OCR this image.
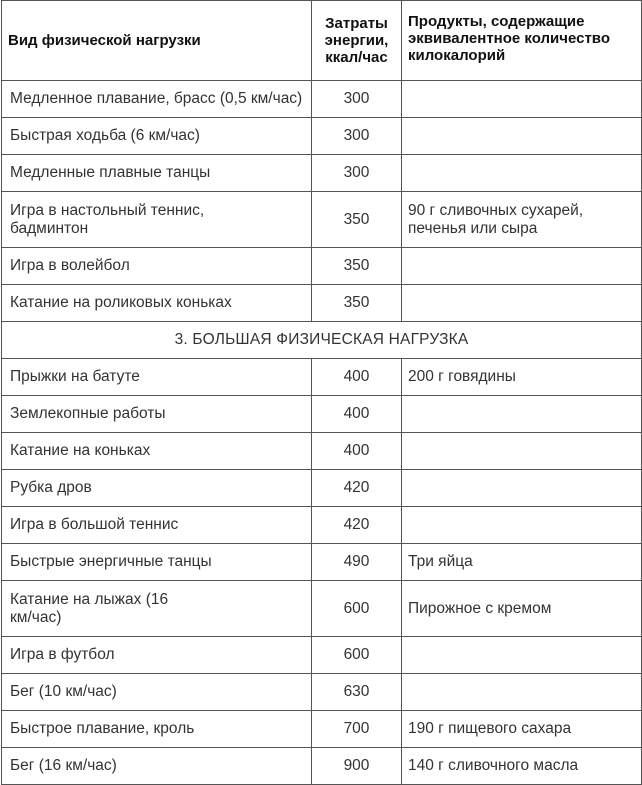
Вид физической нагрузки	Затраты энергии, ккал/час	Продукты, содержащие эквивалентное количество килокалорий
Медленное плавание, брасс (0,5 км/час)	300	
Быстрая ходьба (6 км/час)	300	
Медленные плавные танцы	300	
Игра в настольный теннис, бадминтон	350	90 г сливочных сухарей, печенья или сыра
Игра в волейбол	350	
Катание на роликовых коньках	350	
3. БОЛЬШАЯ ФИЗИЧЕСКАЯ НАГРУЗКА		
Прыжки на батуте	400	200 г говядины
Землекопные работы	400	
Катание на коньках	400	
Рубка дров	420	
Игра в большой теннис	420	
Быстрые энергичные танцы	490	Три яйца
Катание на лыжах (16 км/час)	600	Пирожное с кремом
Игра в футбол	600	
Бег (10 км/час)	630	
Быстрое плавание, кроль	700	190 г пищевого сахара
Бег (16 км/час)	900	140 г сливочного масла
